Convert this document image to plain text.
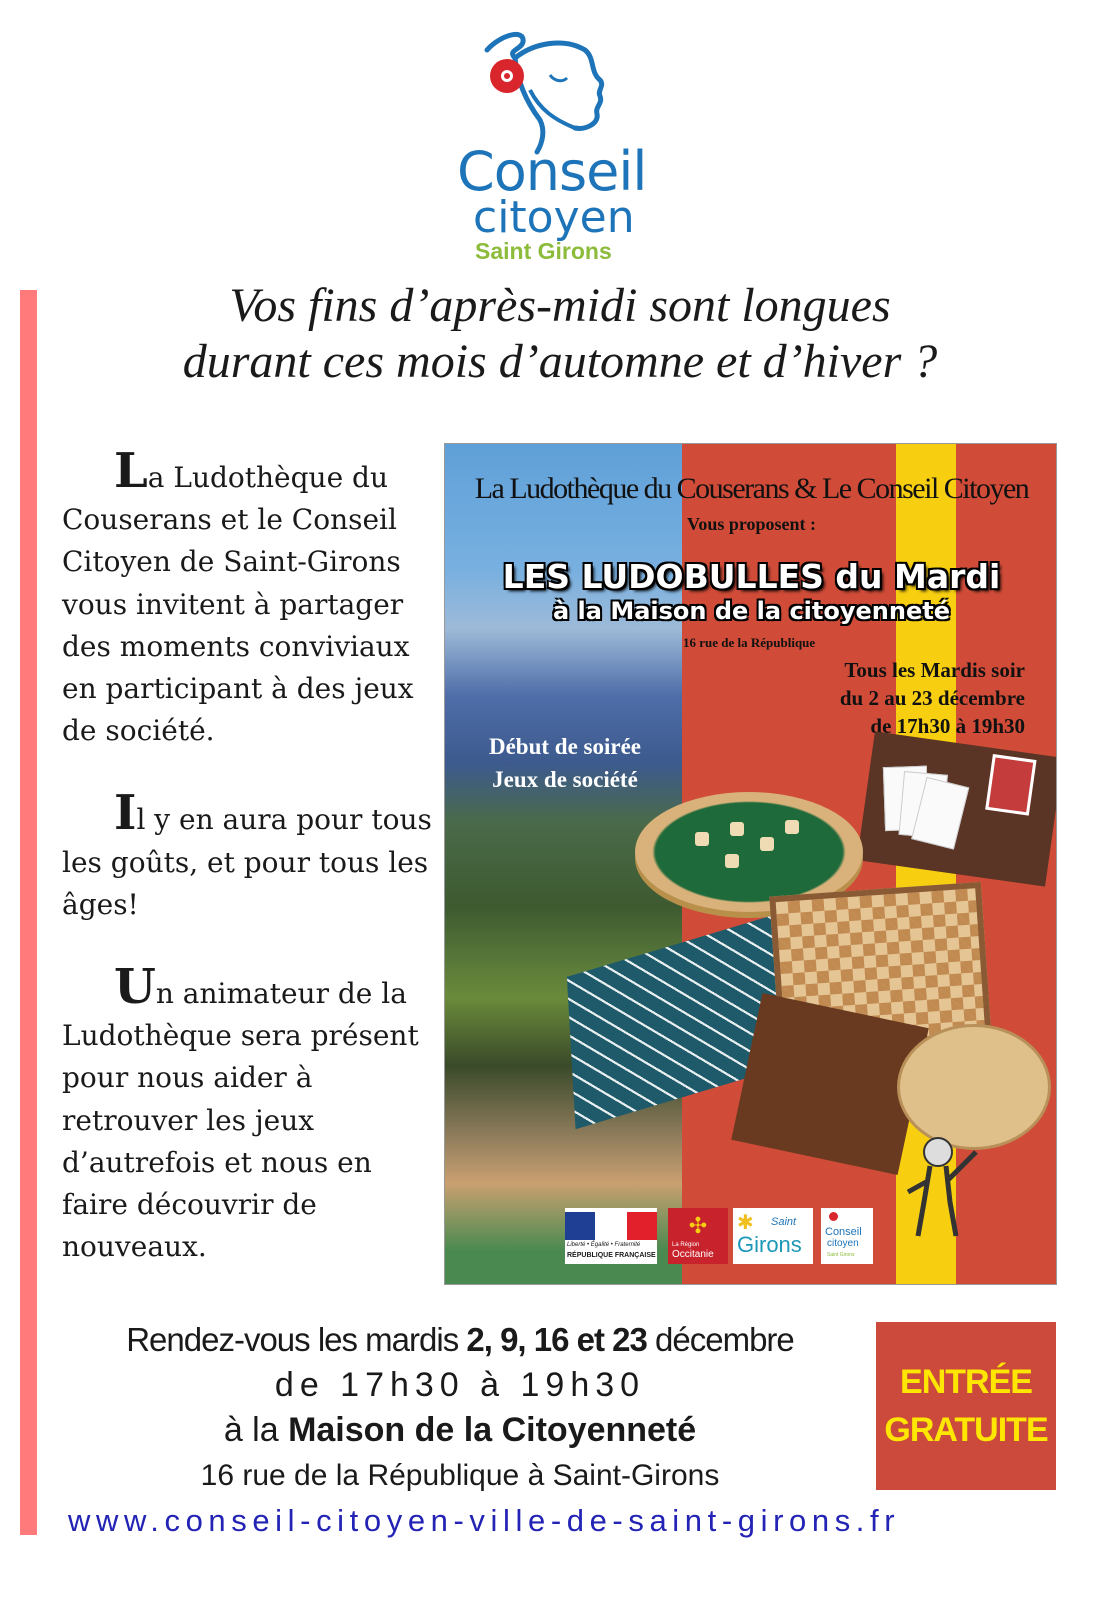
Conseil
citoyen
Saint Girons
Vos fins d’après-midi sont longues
durant ces mois d’automne et d’hiver ?

La Ludothèque du Couserans et le Conseil Citoyen de Saint-Girons vous invitent à partager des moments conviviaux en participant à des jeux de société.

Il y en aura pour tous les goûts, et pour tous les âges!

Un animateur de la Ludothèque sera présent pour nous aider à retrouver les jeux d’autrefois et nous en faire découvrir de nouveaux.

La Ludothèque du Couserans & Le Conseil Citoyen
Vous proposent :
LES LUDOBULLES du Mardi
à la Maison de la citoyenneté
16 rue de la République
Tous les Mardis soir
du 2 au 23 décembre
de 17h30 à 19h30
Début de soirée
Jeux de société
Liberté • Égalité • Fraternité
RÉPUBLIQUE FRANÇAISE
✣
La Région
Occitanie
✱ Saint
Girons Conseil
citoyen
Saint Girons
Rendez-vous les mardis 2, 9, 16 et 23 décembre
de 17h30 à 19h30
à la Maison de la Citoyenneté
16 rue de la République à Saint-Girons
ENTRÉE
GRATUITE
www.conseil-citoyen-ville-de-saint-girons.fr
